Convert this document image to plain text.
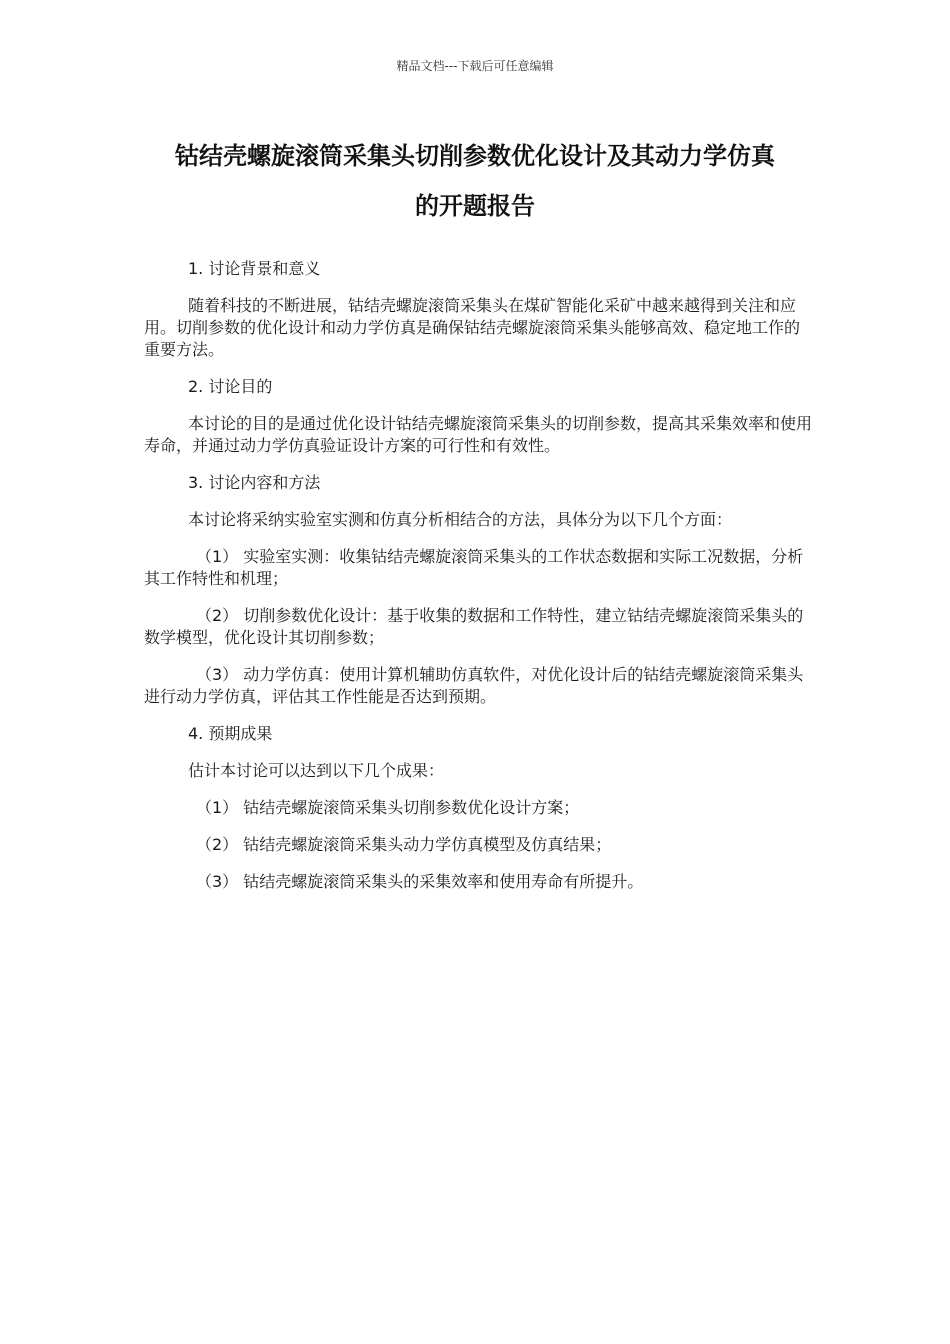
精品文档---下载后可任意编辑
钴结壳螺旋滚筒采集头切削参数优化设计及其动力学仿真
的开题报告

1. 讨论背景和意义

随着科技的不断进展，钴结壳螺旋滚筒采集头在煤矿智能化采矿中越来越得到关注和应用。切削参数的优化设计和动力学仿真是确保钴结壳螺旋滚筒采集头能够高效、稳定地工作的重要方法。

2. 讨论目的

本讨论的目的是通过优化设计钴结壳螺旋滚筒采集头的切削参数，提高其采集效率和使用寿命，并通过动力学仿真验证设计方案的可行性和有效性。

3. 讨论内容和方法

本讨论将采纳实验室实测和仿真分析相结合的方法，具体分为以下几个方面：

（1） 实验室实测：收集钴结壳螺旋滚筒采集头的工作状态数据和实际工况数据，分析其工作特性和机理；

（2） 切削参数优化设计：基于收集的数据和工作特性，建立钴结壳螺旋滚筒采集头的数学模型，优化设计其切削参数；

（3） 动力学仿真：使用计算机辅助仿真软件，对优化设计后的钴结壳螺旋滚筒采集头进行动力学仿真，评估其工作性能是否达到预期。

4. 预期成果

估计本讨论可以达到以下几个成果：

（1） 钴结壳螺旋滚筒采集头切削参数优化设计方案；

（2） 钴结壳螺旋滚筒采集头动力学仿真模型及仿真结果；

（3） 钴结壳螺旋滚筒采集头的采集效率和使用寿命有所提升。
